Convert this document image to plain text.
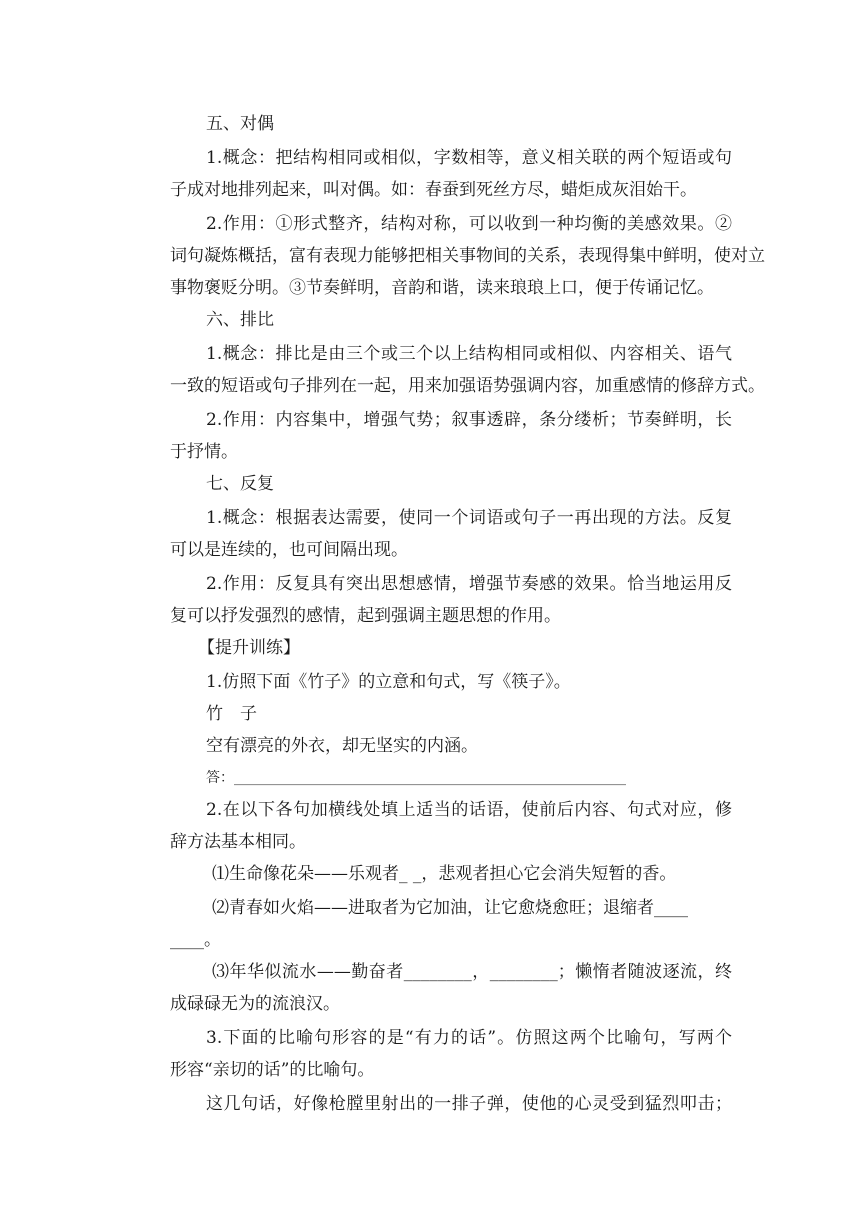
五、对偶
1.概念：把结构相同或相似，字数相等，意义相关联的两个短语或句
子成对地排列起来，叫对偶。如：春蚕到死丝方尽，蜡炬成灰泪始干。
2.作用：①形式整齐，结构对称，可以收到一种均衡的美感效果。②
词句凝炼概括，富有表现力能够把相关事物间的关系，表现得集中鲜明，使对立
事物褒贬分明。③节奏鲜明，音韵和谐，读来琅琅上口，便于传诵记忆。
六、排比
1.概念：排比是由三个或三个以上结构相同或相似、内容相关、语气
一致的短语或句子排列在一起，用来加强语势强调内容，加重感情的修辞方式。
2.作用：内容集中，增强气势；叙事透辟，条分缕析；节奏鲜明，长
于抒情。
七、反复
1.概念：根据表达需要，使同一个词语或句子一再出现的方法。反复
可以是连续的，也可间隔出现。
2.作用：反复具有突出思想感情，增强节奏感的效果。恰当地运用反
复可以抒发强烈的感情，起到强调主题思想的作用。
【提升训练】
1.仿照下面《竹子》的立意和句式，写《筷子》。
竹　子
空有漂亮的外衣，却无坚实的内涵。
答：________________________________________________________
2.在以下各句加横线处填上适当的话语，使前后内容、句式对应，修
辞方法基本相同。
⑴生命像花朵——乐观者_ _，悲观者担心它会消失短暂的香。
⑵青春如火焰——进取者为它加油，让它愈烧愈旺；退缩者____
____。
⑶年华似流水——勤奋者________，________；懒惰者随波逐流，终
成碌碌无为的流浪汉。
3.下面的比喻句形容的是“有力的话”。仿照这两个比喻句，写两个
形容“亲切的话”的比喻句。
这几句话，好像枪膛里射出的一排子弹，使他的心灵受到猛烈叩击；
